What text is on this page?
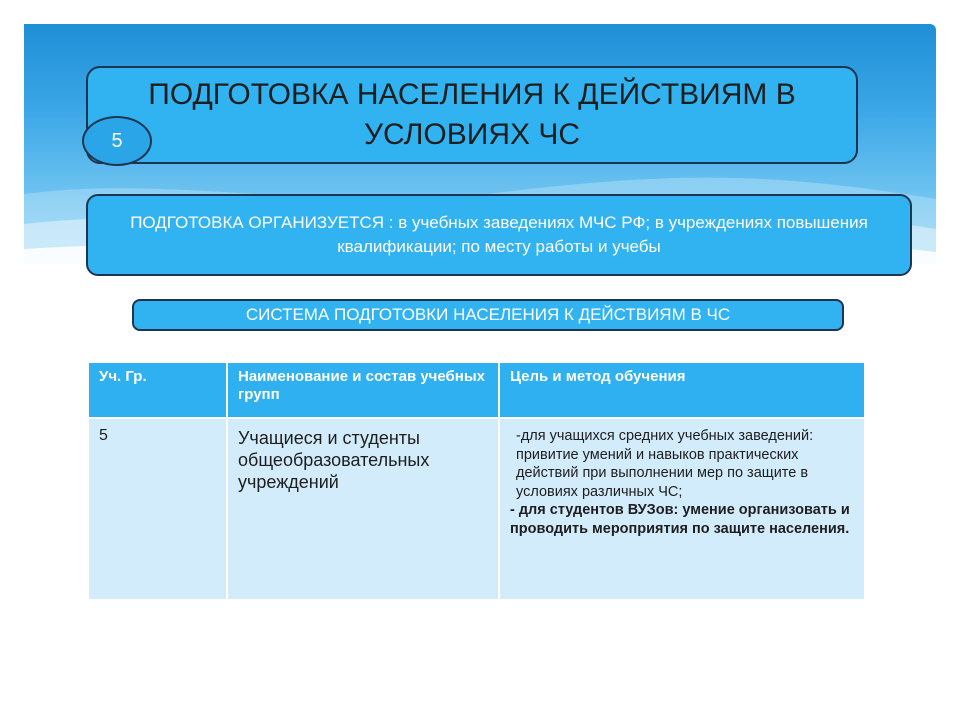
ПОДГОТОВКА НАСЕЛЕНИЯ К ДЕЙСТВИЯМ В УСЛОВИЯХ ЧС
5
ПОДГОТОВКА ОРГАНИЗУЕТСЯ : в учебных заведениях МЧС РФ; в учреждениях повышения квалификации; по месту работы и учебы
СИСТЕМА ПОДГОТОВКИ НАСЕЛЕНИЯ К ДЕЙСТВИЯМ В ЧС
Уч. Гр.	Наименование и состав учебных групп	Цель и метод обучения
5	Учащиеся и студенты общеобразовательных учреждений	-для учащихся средних учебных заведений: привитие умений и навыков практических действий при выполнении мер по защите в условиях различных ЧС;
- для студентов ВУЗов: умение организовать и проводить мероприятия по защите населения.
